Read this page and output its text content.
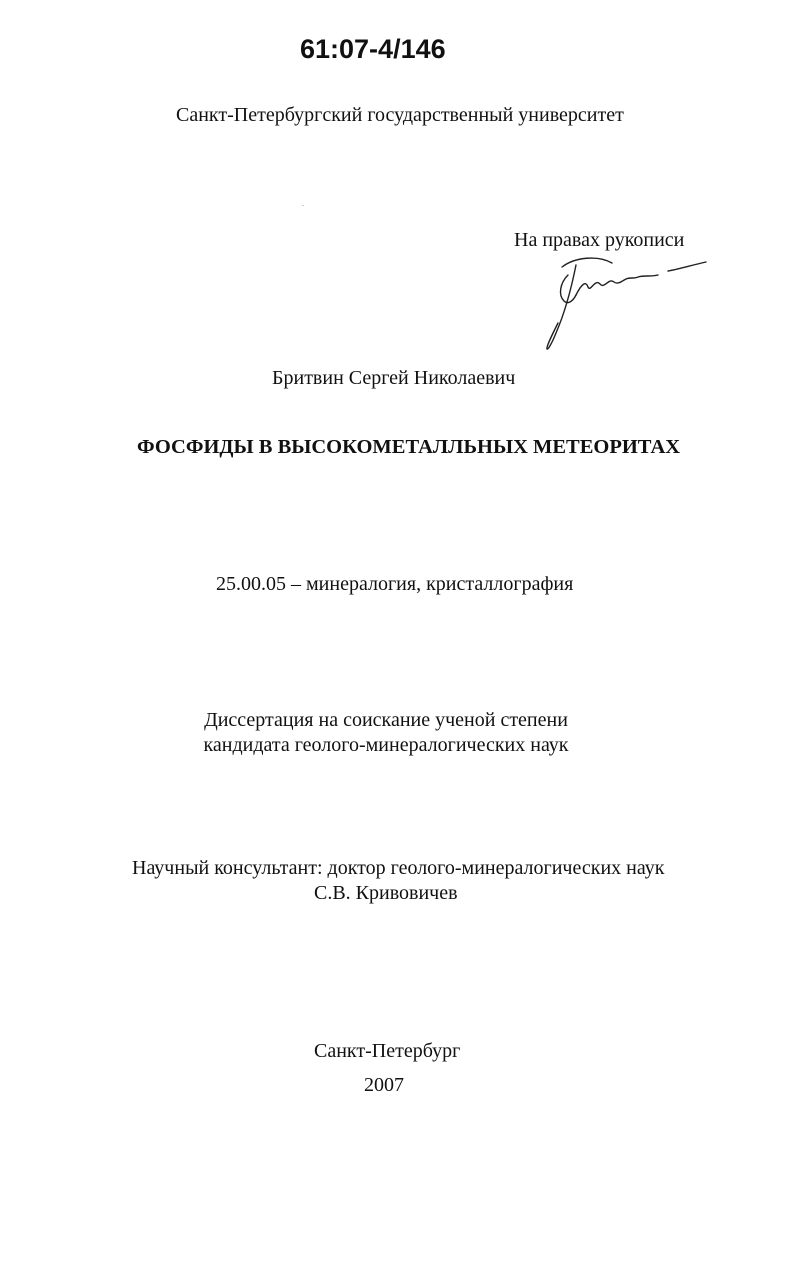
61:07-4/146
Санкт-Петербургский государственный университет
На правах рукописи
Бритвин Сергей Николаевич
ФОСФИДЫ В ВЫСОКОМЕТАЛЛЬНЫХ МЕТЕОРИТАХ
25.00.05 – минералогия, кристаллография
Диссертация на соискание ученой степени
кандидата геолого-минералогических наук
Научный консультант: доктор геолого-минералогических наук
С.В. Кривовичев
Санкт-Петербург
2007
